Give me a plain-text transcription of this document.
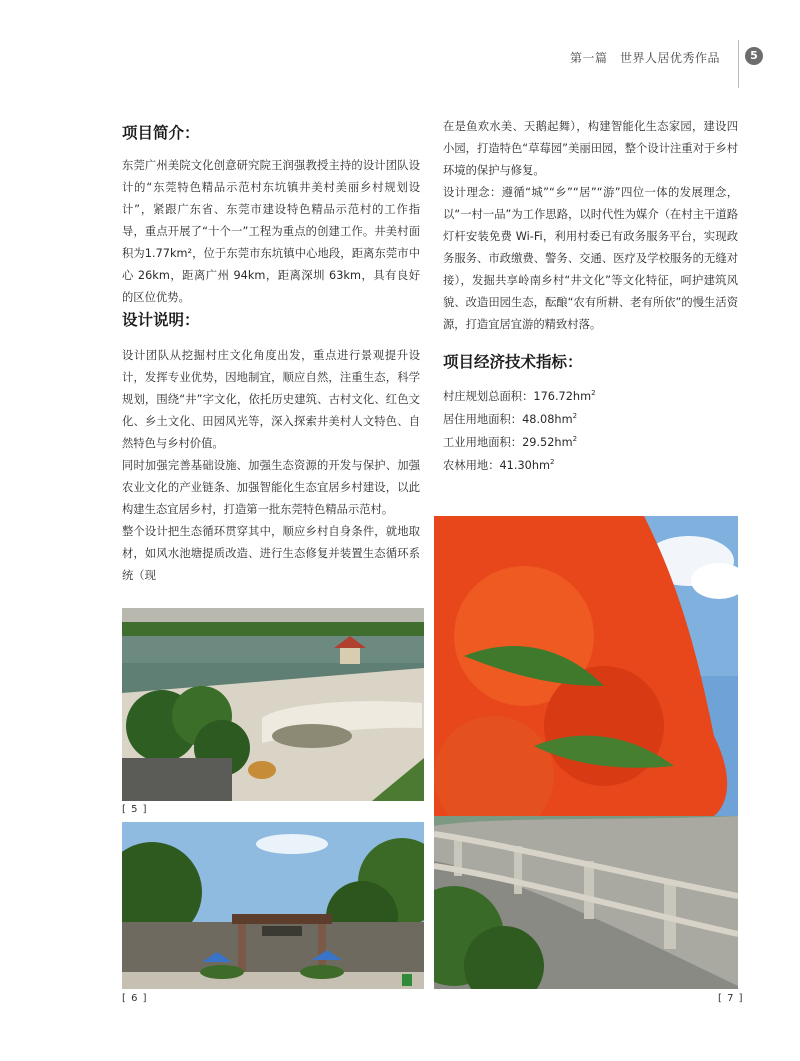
第一篇　世界人居优秀作品	5
项目简介：

东莞广州美院文化创意研究院王润强教授主持的设计团队设计的“东莞特色精品示范村东坑镇井美村美丽乡村规划设计”，紧跟广东省、东莞市建设特色精品示范村的工作指导，重点开展了“十个一”工程为重点的创建工作。井美村面积为1.77km²，位于东莞市东坑镇中心地段，距离东莞市中心 26km，距离广州 94km，距离深圳 63km，具有良好的区位优势。

设计说明：

设计团队从挖掘村庄文化角度出发，重点进行景观提升设计，发挥专业优势，因地制宜，顺应自然，注重生态，科学规划，围绕“井”字文化，依托历史建筑、古村文化、红色文化、乡土文化、田园风光等，深入探索井美村人文特色、自然特色与乡村价值。

同时加强完善基础设施、加强生态资源的开发与保护、加强农业文化的产业链条、加强智能化生态宜居乡村建设，以此构建生态宜居乡村，打造第一批东莞特色精品示范村。

整个设计把生态循环贯穿其中，顺应乡村自身条件，就地取材，如风水池塘提质改造、进行生态修复并装置生态循环系统（现

在是鱼欢水美、天鹅起舞），构建智能化生态家园，建设四小园，打造特色“草莓园”美丽田园，整个设计注重对于乡村环境的保护与修复。

设计理念：遵循“城”“乡”“居”“游”四位一体的发展理念，以“一村一品”为工作思路，以时代性为媒介（在村主干道路灯杆安装免费 Wi-Fi，利用村委已有政务服务平台，实现政务服务、市政缴费、警务、交通、医疗及学校服务的无缝对接），发掘共享岭南乡村“井文化”等文化特征，呵护建筑风貌、改造田园生态，酝酿“农有所耕、老有所依”的慢生活资源，打造宜居宜游的精致村落。

项目经济技术指标：
村庄规划总面积：$176.72hm^2$
居住用地面积：$48.08hm^2$
工业用地面积：$29.52hm^2$
农林用地：$41.30hm^2$
[ 5 ]
[ 6 ]	[ 7 ]
